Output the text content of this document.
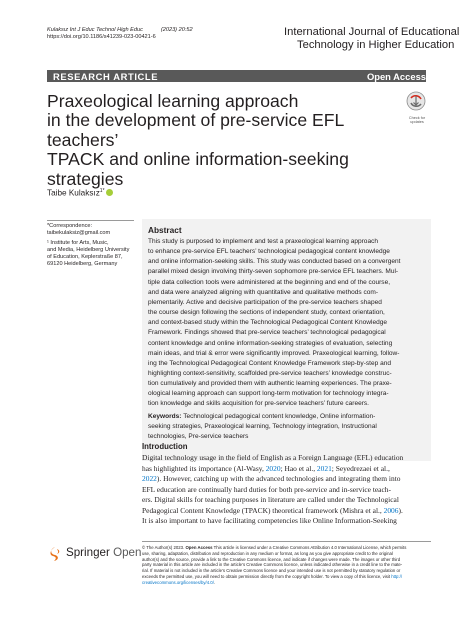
Kulaksız Int J Educ Technol High Educ	(2023) 20:52
https://doi.org/10.1186/s41239-023-00421-6	International Journal of Educational
Technology in Higher Education
RESEARCH ARTICLE	Open Access
Praxeological learning approach
in the development of pre-service EFL teachers’
TPACK and online information-seeking
strategies
Check for
updates
Taibe Kulaksız$^{1*}$
*Correspondence:
taibekulaksiz@gmail.com
¹ Institute for Arts, Music,
and Media, Heidelberg University
of Education, Keplerstraße 87,
69120 Heidelberg, Germany
Abstract
This study is purposed to implement and test a praxeological learning approach
to enhance pre-service EFL teachers’ technological pedagogical content knowledge
and online information-seeking skills. This study was conducted based on a convergent
parallel mixed design involving thirty-seven sophomore pre-service EFL teachers. Mul-
tiple data collection tools were administered at the beginning and end of the course,
and data were analyzed aligning with quantitative and qualitative methods com-
plementarily. Active and decisive participation of the pre-service teachers shaped
the course design following the sections of independent study, context orientation,
and context-based study within the Technological Pedagogical Content Knowledge
Framework. Findings showed that pre-service teachers’ technological pedagogical
content knowledge and online information-seeking strategies of evaluation, selecting
main ideas, and trial & error were significantly improved. Praxeological learning, follow-
ing the Technological Pedagogical Content Knowledge Framework step-by-step and
highlighting context-sensitivity, scaffolded pre-service teachers’ knowledge construc-
tion cumulatively and provided them with authentic learning experiences. The praxe-
ological learning approach can support long-term motivation for technology integra-
tion knowledge and skills acquisition for pre-service teachers’ future careers.
Keywords: Technological pedagogical content knowledge, Online information-
seeking strategies, Praxeological learning, Technology integration, Instructional
technologies, Pre-service teachers
Introduction
Digital technology usage in the field of English as a Foreign Language (EFL) education
has highlighted its importance (Al-Wasy, 2020; Hao et al., 2021; Seyedrezaei et al.,
2022). However, catching up with the advanced technologies and integrating them into
EFL education are continually hard duties for both pre-service and in-service teach-
ers. Digital skills for teaching purposes in literature are called under the Technological
Pedagogical Content Knowledge (TPACK) theoretical framework (Mishra et al., 2006).
It is also important to have facilitating competencies like Online Information-Seeking
Springer Open © The Author(s) 2023. Open Access This article is licensed under a Creative Commons Attribution 4.0 International License, which permits
use, sharing, adaptation, distribution and reproduction in any medium or format, as long as you give appropriate credit to the original
author(s) and the source, provide a link to the Creative Commons licence, and indicate if changes were made. The images or other third
party material in this article are included in the article’s Creative Commons licence, unless indicated otherwise in a credit line to the mate-
rial. If material is not included in the article’s Creative Commons licence and your intended use is not permitted by statutory regulation or
exceeds the permitted use, you will need to obtain permission directly from the copyright holder. To view a copy of this licence, visit http://
creativecommons.org/licenses/by/4.0/.
